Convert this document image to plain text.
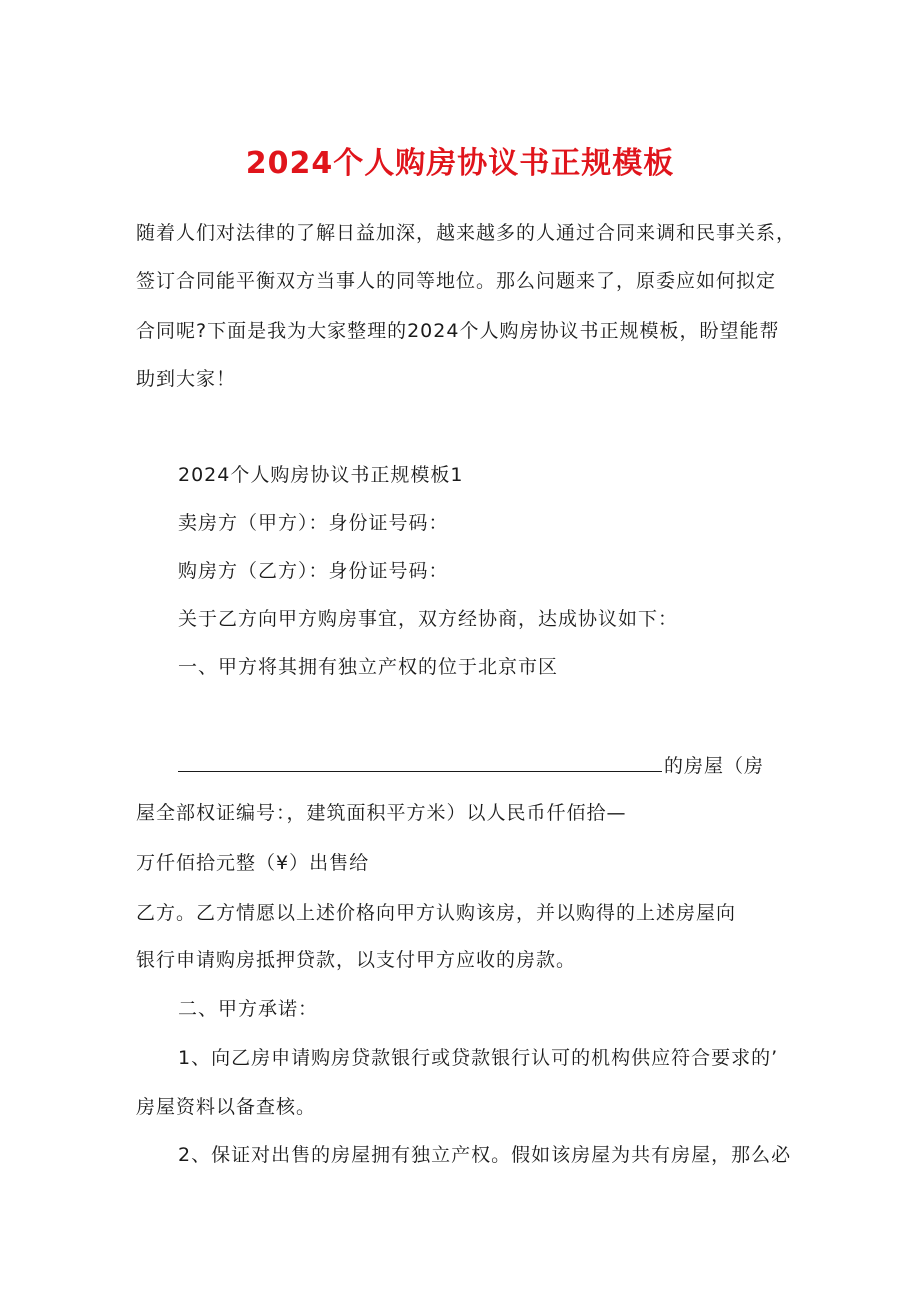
2024个人购房协议书正规模板
随着人们对法律的了解日益加深，越来越多的人通过合同来调和民事关系，
签订合同能平衡双方当事人的同等地位。那么问题来了，原委应如何拟定
合同呢?下面是我为大家整理的2024个人购房协议书正规模板，盼望能帮
助到大家！
2024个人购房协议书正规模板1
卖房方（甲方）：身份证号码：
购房方（乙方）：身份证号码：
关于乙方向甲方购房事宜，双方经协商，达成协议如下：
一、甲方将其拥有独立产权的位于北京市区
的房屋（房
屋全部权证编号：，建筑面积平方米）以人民币仟佰拾—
万仟佰拾元整（¥）出售给
乙方。乙方情愿以上述价格向甲方认购该房，并以购得的上述房屋向
银行申请购房抵押贷款，以支付甲方应收的房款。
二、甲方承诺：
1、向乙房申请购房贷款银行或贷款银行认可的机构供应符合要求的’
房屋资料以备查核。
2、保证对出售的房屋拥有独立产权。假如该房屋为共有房屋，那么必
